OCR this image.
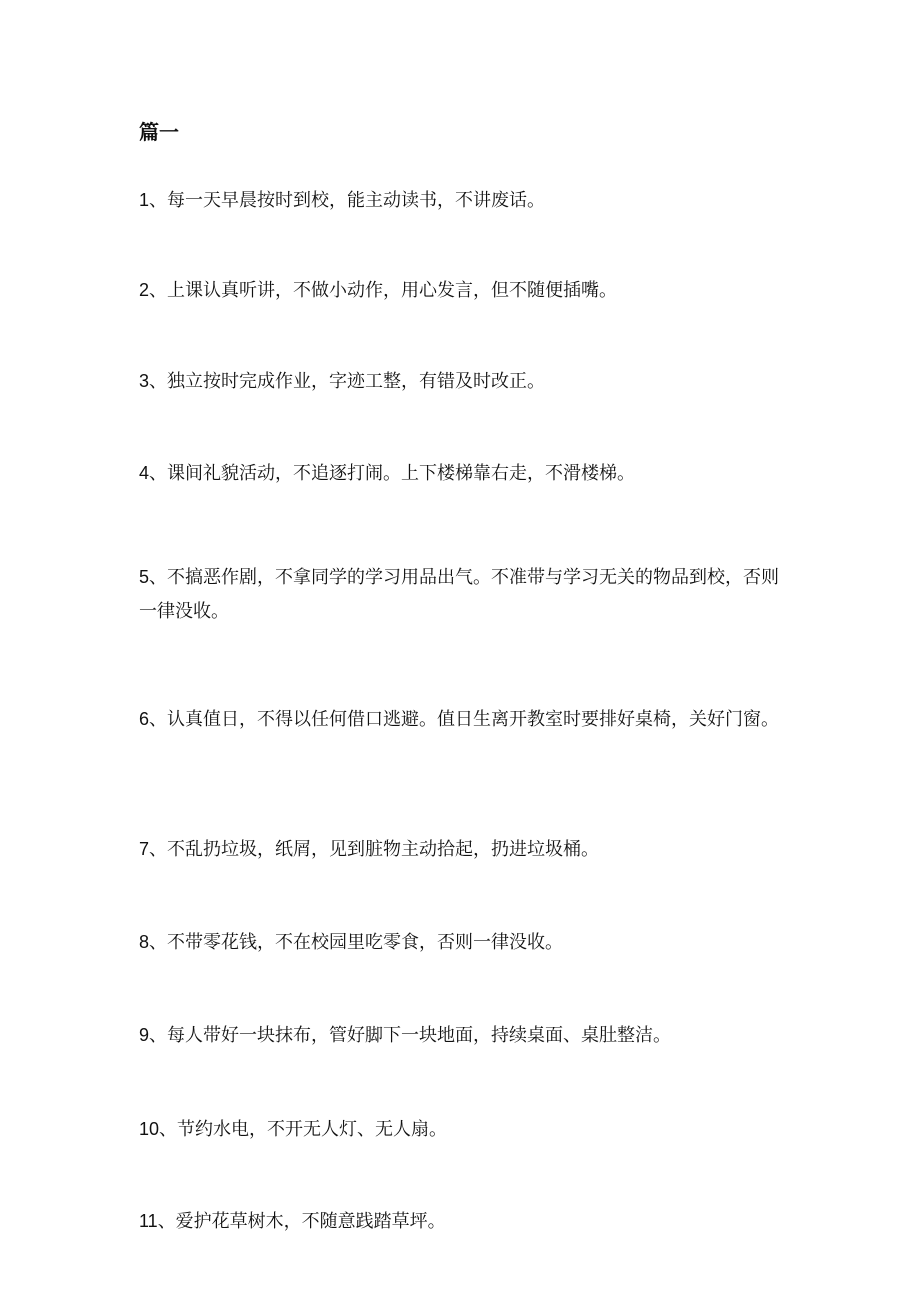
篇一

1、每一天早晨按时到校，能主动读书，不讲废话。

2、上课认真听讲，不做小动作，用心发言，但不随便插嘴。

3、独立按时完成作业，字迹工整，有错及时改正。

4、课间礼貌活动，不追逐打闹。上下楼梯靠右走，不滑楼梯。

5、不搞恶作剧，不拿同学的学习用品出气。不准带与学习无关的物品到校，否则一律没收。

6、认真值日，不得以任何借口逃避。值日生离开教室时要排好桌椅，关好门窗。

7、不乱扔垃圾，纸屑，见到脏物主动拾起，扔进垃圾桶。

8、不带零花钱，不在校园里吃零食，否则一律没收。

9、每人带好一块抹布，管好脚下一块地面，持续桌面、桌肚整洁。

10、节约水电，不开无人灯、无人扇。

11、爱护花草树木，不随意践踏草坪。
